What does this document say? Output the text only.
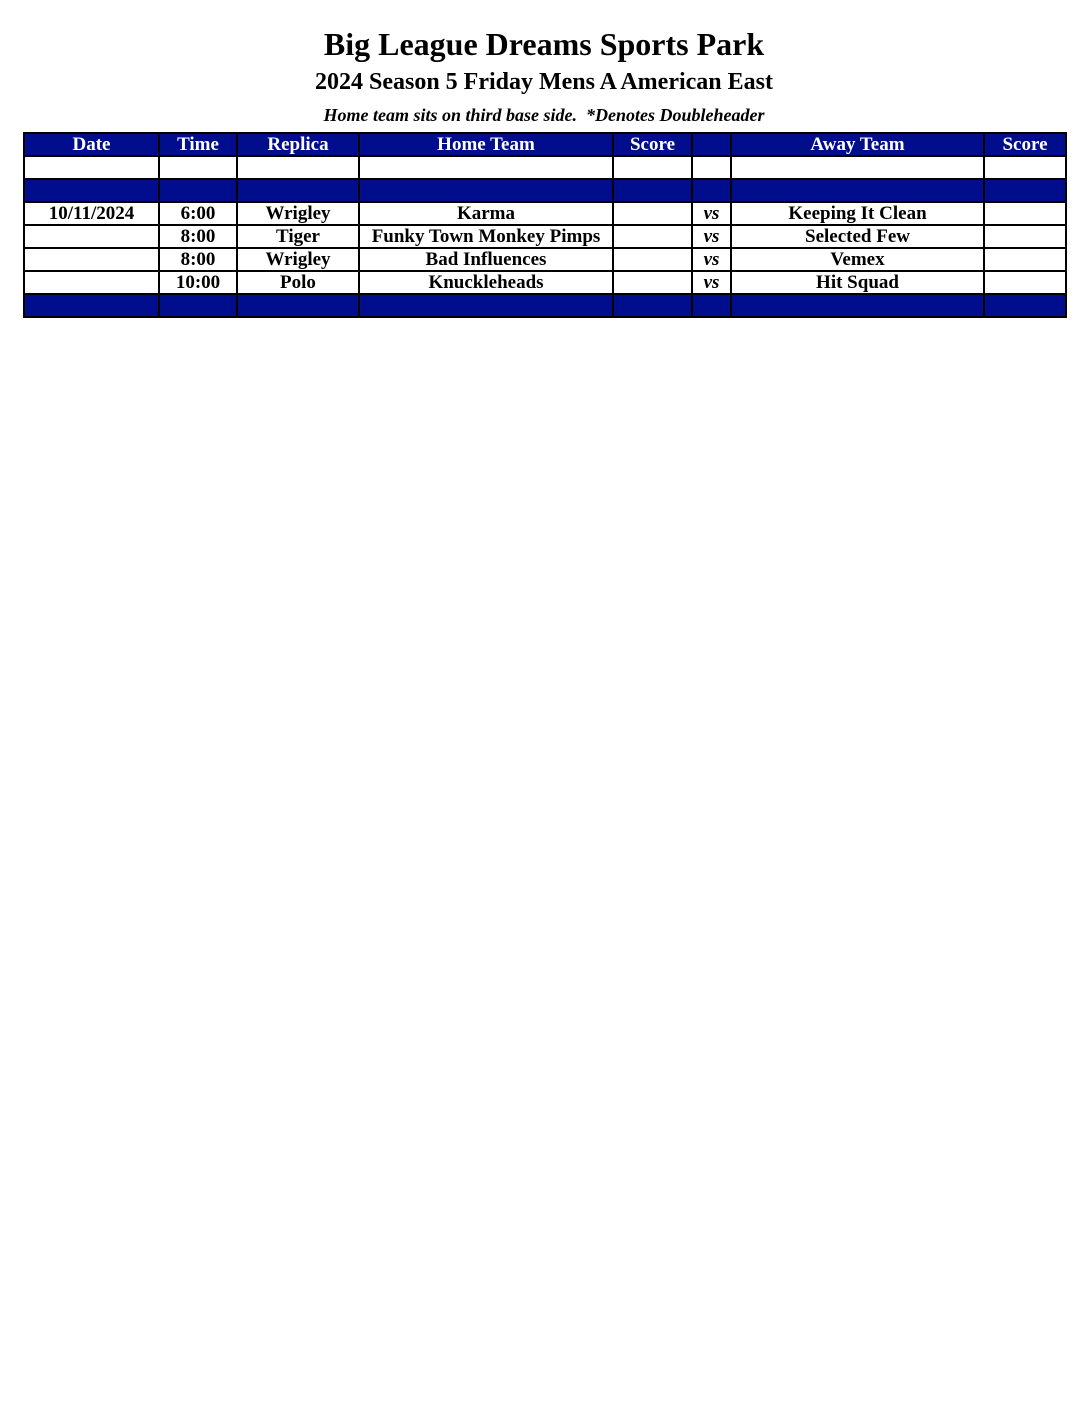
Big League Dreams Sports Park
2024 Season 5 Friday Mens A American East
Home team sits on third base side.  *Denotes Doubleheader
Date	Time	Replica	Home Team	Score		Away Team	Score

10/11/2024	6:00	Wrigley	Karma		vs	Keeping It Clean	
	8:00	Tiger	Funky Town Monkey Pimps		vs	Selected Few	
	8:00	Wrigley	Bad Influences		vs	Vemex	
	10:00	Polo	Knuckleheads		vs	Hit Squad	
